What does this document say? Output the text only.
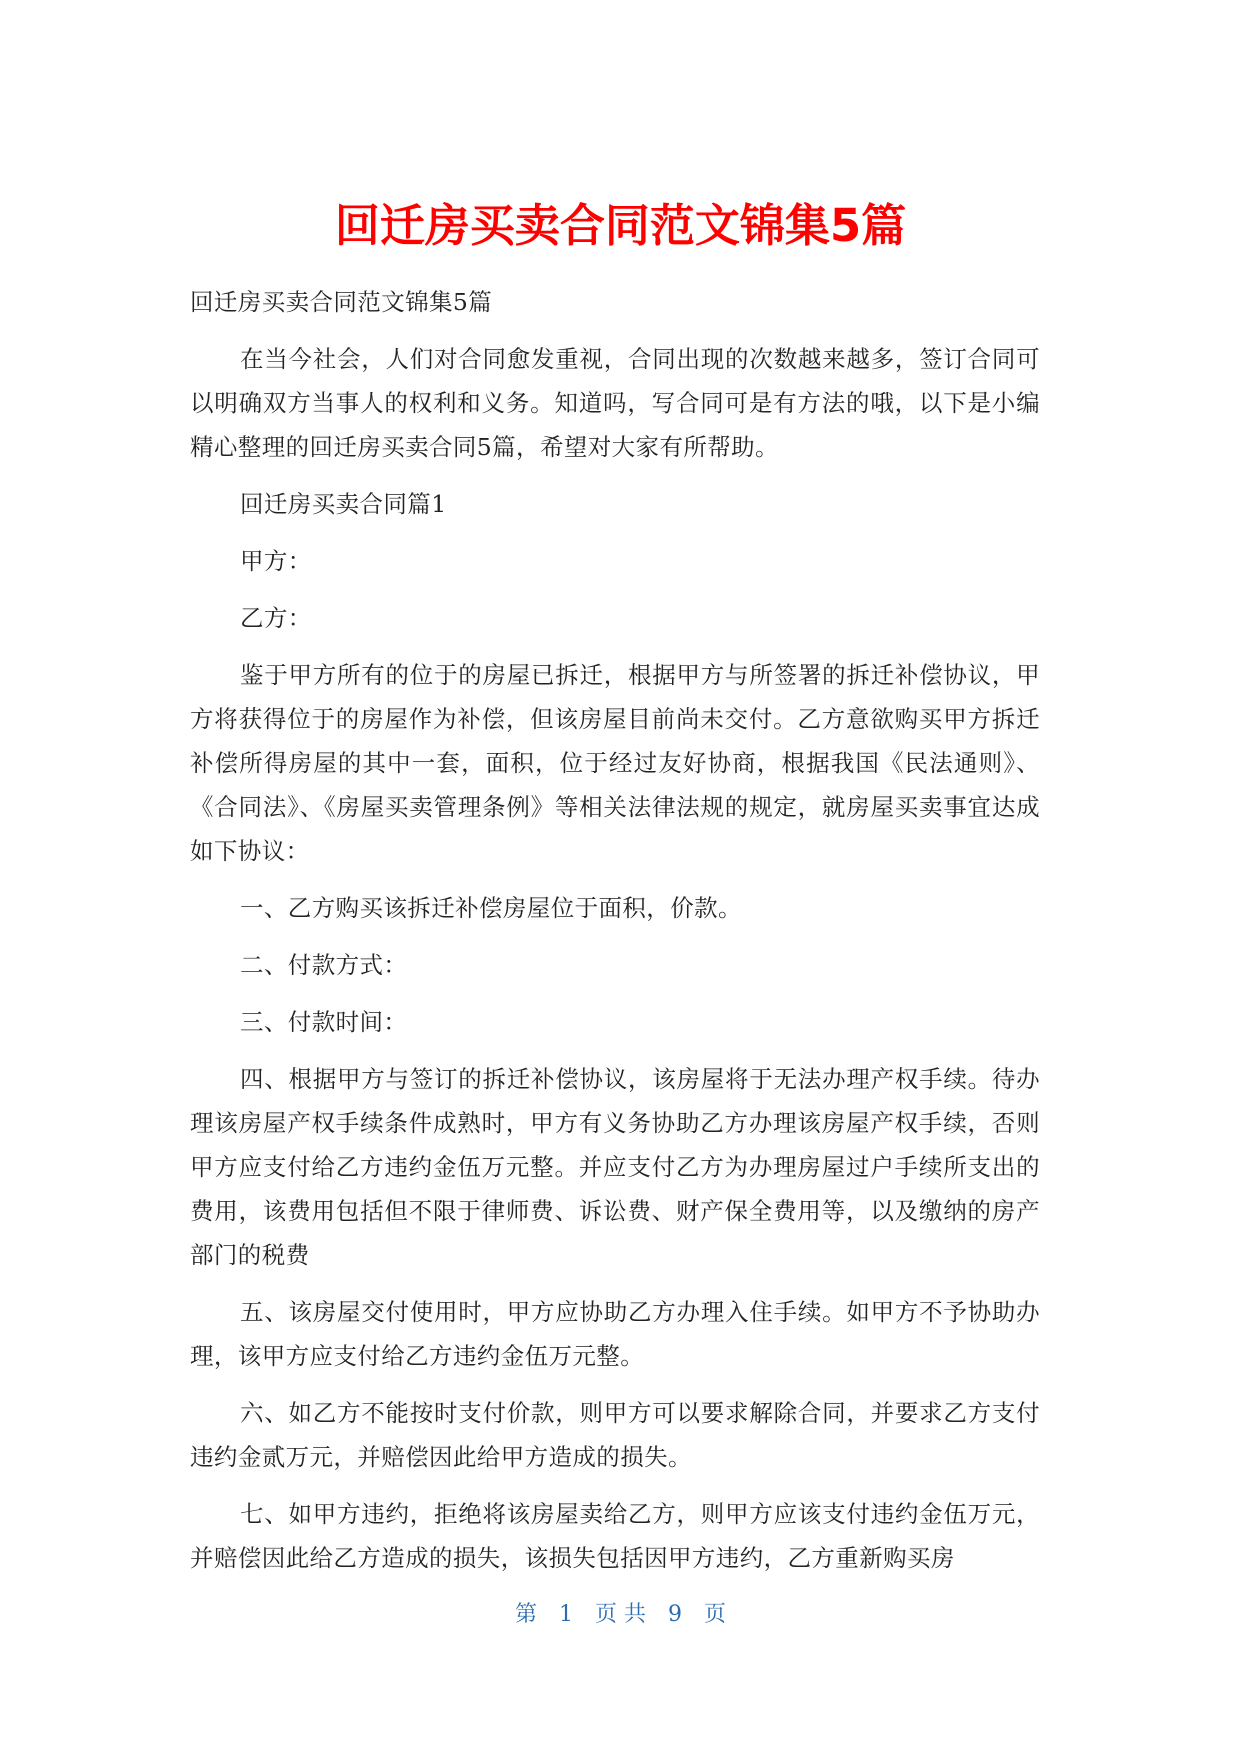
回迁房买卖合同范文锦集5篇

回迁房买卖合同范文锦集5篇

在当今社会，人们对合同愈发重视，合同出现的次数越来越多，签订合同可以明确双方当事人的权利和义务。知道吗，写合同可是有方法的哦，以下是小编精心整理的回迁房买卖合同5篇，希望对大家有所帮助。

回迁房买卖合同篇1

甲方：

乙方：

鉴于甲方所有的位于的房屋已拆迁，根据甲方与所签署的拆迁补偿协议，甲方将获得位于的房屋作为补偿，但该房屋目前尚未交付。乙方意欲购买甲方拆迁补偿所得房屋的其中一套，面积，位于经过友好协商，根据我国《民法通则》、《合同法》、《房屋买卖管理条例》等相关法律法规的规定，就房屋买卖事宜达成如下协议：

一、乙方购买该拆迁补偿房屋位于面积，价款。

二、付款方式：

三、付款时间：

四、根据甲方与签订的拆迁补偿协议，该房屋将于无法办理产权手续。待办理该房屋产权手续条件成熟时，甲方有义务协助乙方办理该房屋产权手续，否则甲方应支付给乙方违约金伍万元整。并应支付乙方为办理房屋过户手续所支出的费用，该费用包括但不限于律师费、诉讼费、财产保全费用等，以及缴纳的房产部门的税费

五、该房屋交付使用时，甲方应协助乙方办理入住手续。如甲方不予协助办理，该甲方应支付给乙方违约金伍万元整。

六、如乙方不能按时支付价款，则甲方可以要求解除合同，并要求乙方支付违约金贰万元，并赔偿因此给甲方造成的损失。

七、如甲方违约，拒绝将该房屋卖给乙方，则甲方应该支付违约金伍万元，并赔偿因此给乙方造成的损失，该损失包括因甲方违约，乙方重新购买房

第 1 页 共 9 页
